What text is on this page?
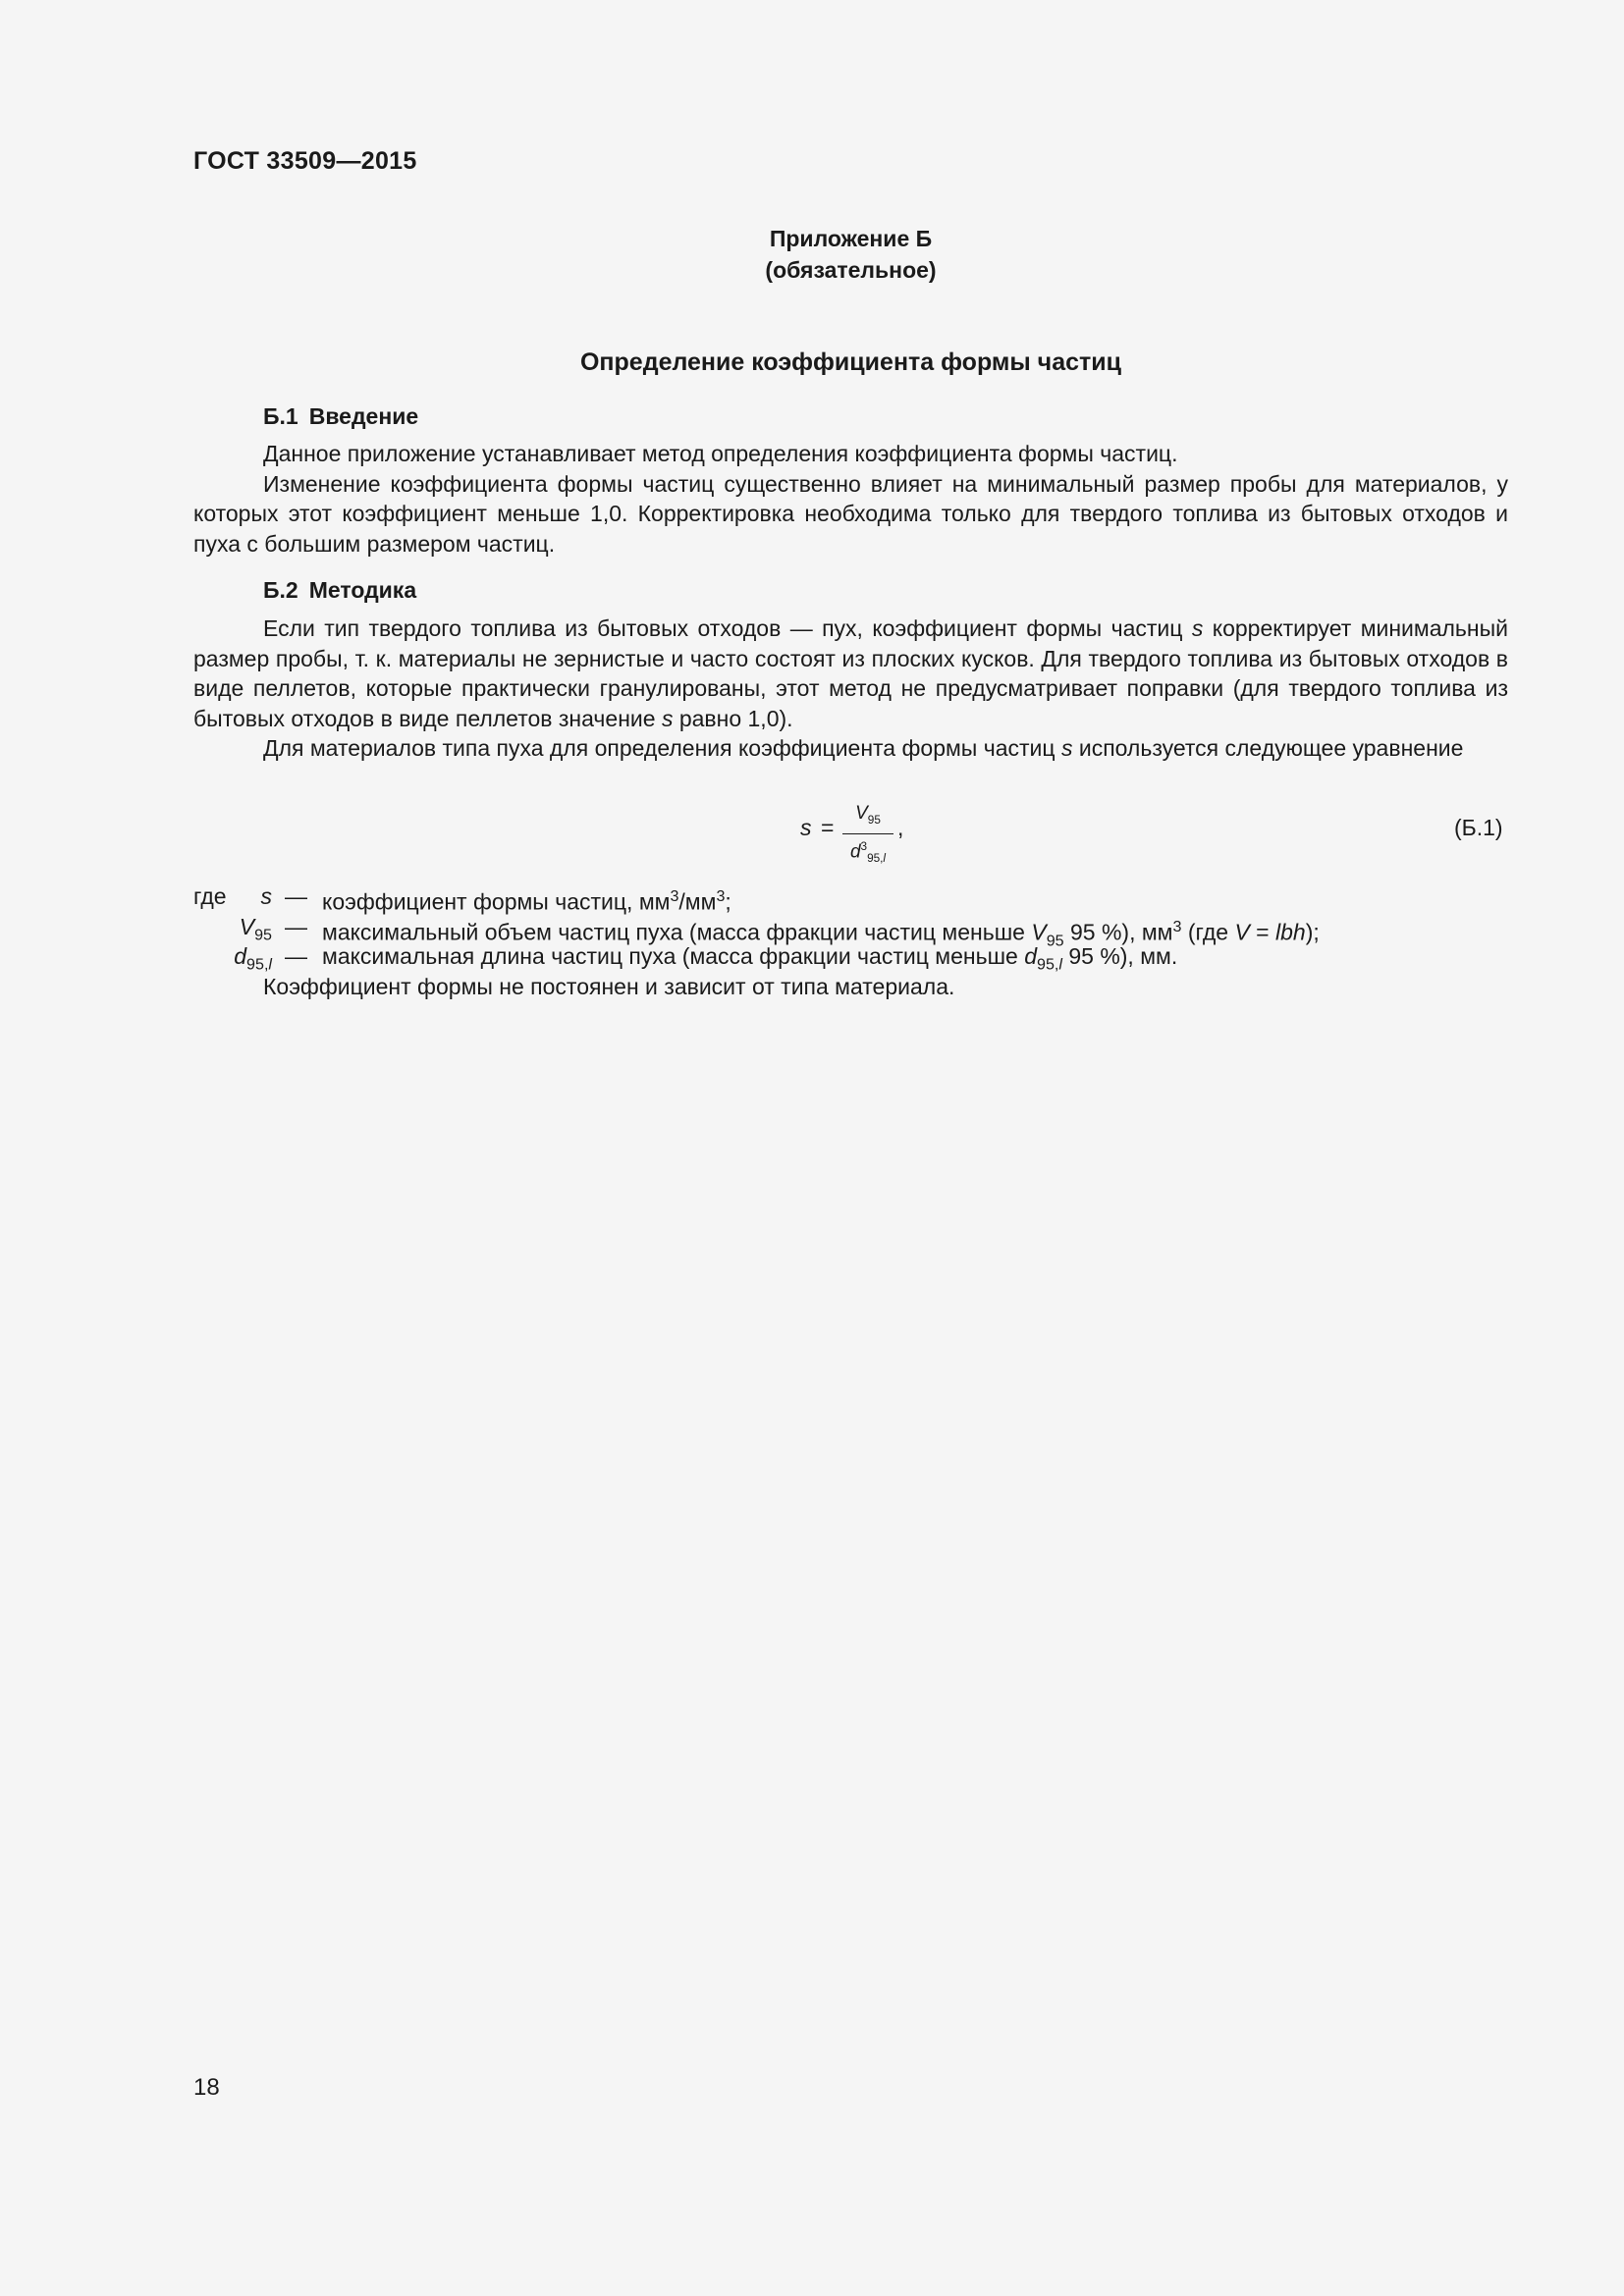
ГОСТ 33509—2015
Приложение Б
(обязательное)
Определение коэффициента формы частиц
Б.1 Введение

Данное приложение устанавливает метод определения коэффициента формы частиц.

Изменение коэффициента формы частиц существенно влияет на минимальный размер пробы для материалов, у которых этот коэффициент меньше 1,0. Корректировка необходима только для твердого топлива из бытовых отходов и пуха с большим размером частиц.

Б.2 Методика

Если тип твердого топлива из бытовых отходов — пух, коэффициент формы частиц s корректирует минимальный размер пробы, т. к. материалы не зернистые и часто состоят из плоских кусков. Для твердого топлива из бытовых отходов в виде пеллетов, которые практически гранулированы, этот метод не предусматривает поправки (для твердого топлива из бытовых отходов в виде пеллетов значение s равно 1,0).

Для материалов типа пуха для определения коэффициента формы частиц s используется следующее уравнение

$s = \frac{V_{95}}{d^3_{95,l}}$ ,	(Б.1)
где s — коэффициент формы частиц, $мм^3/мм^3$;
$V_{95}$ — максимальный объем частиц пуха (масса фракции частиц меньше $V_{95}$ 95 %), $мм^3$ (где V = lbh);
$d_{95,l}$ — максимальная длина частиц пуха (масса фракции частиц меньше $d_{95,l}$ 95 %), мм.
Коэффициент формы не постоянен и зависит от типа материала.
18
